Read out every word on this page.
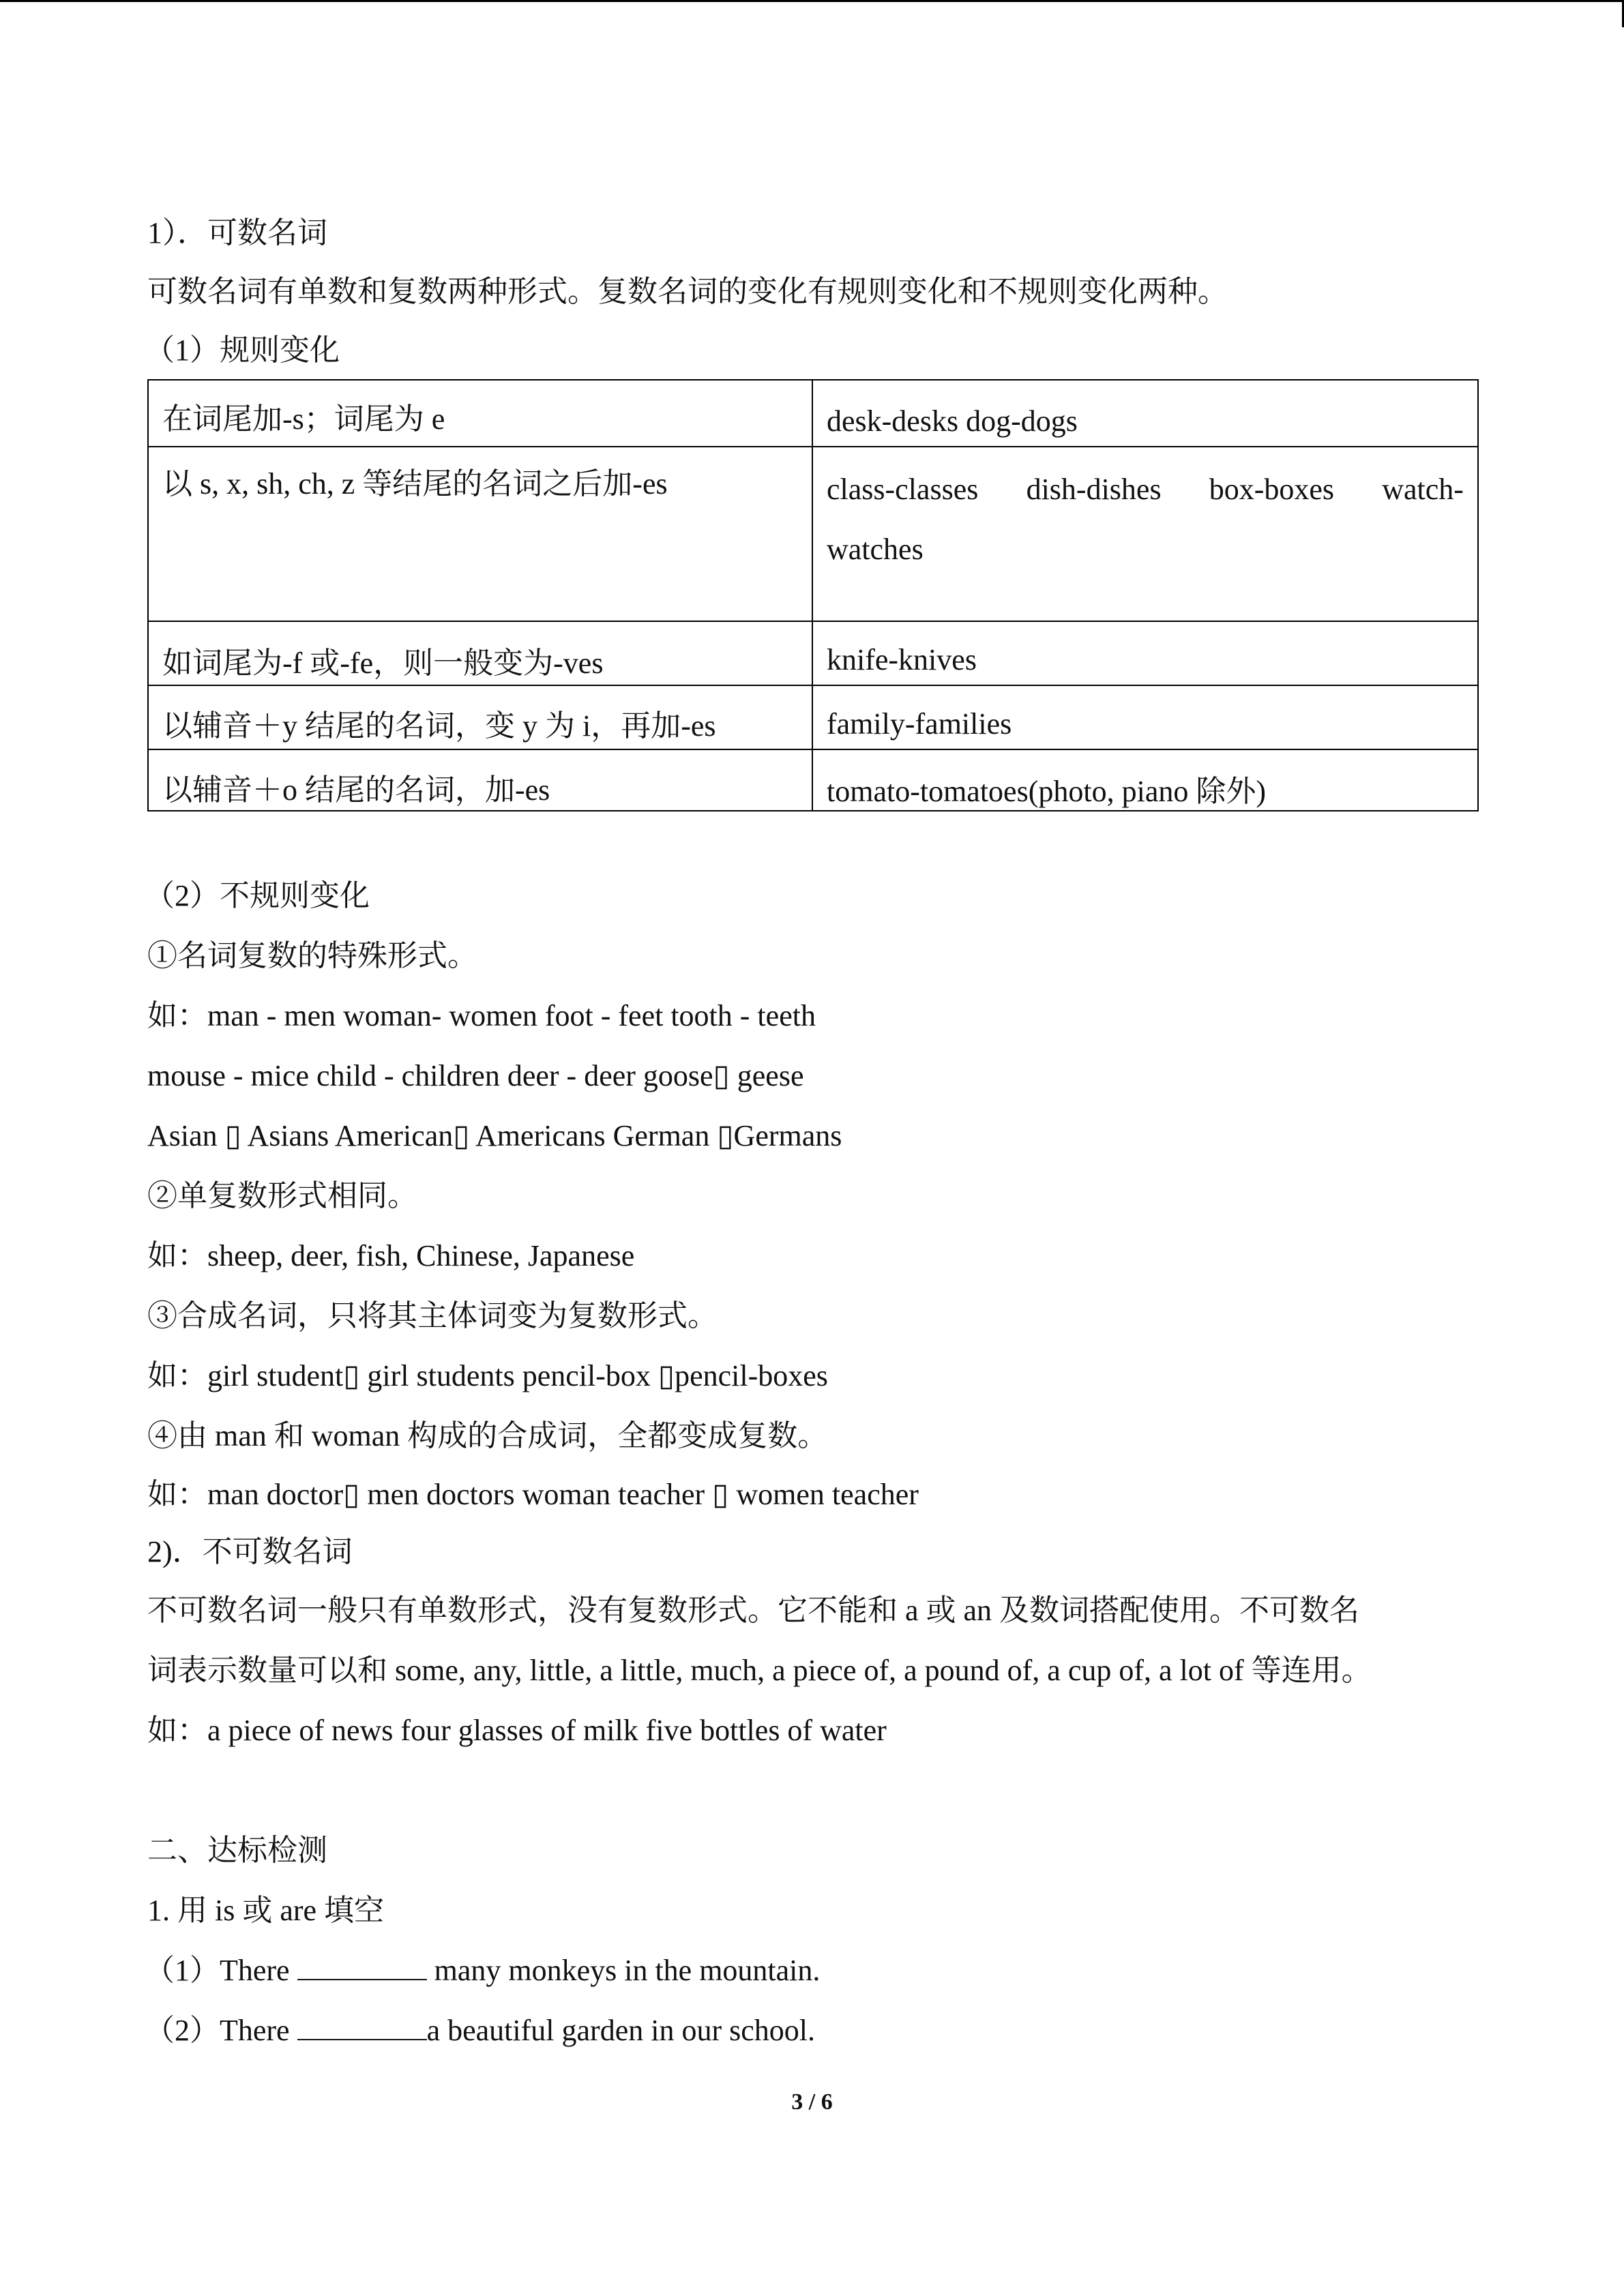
1）．可数名词
可数名词有单数和复数两种形式。复数名词的变化有规则变化和不规则变化两种。
（1）规则变化
在词尾加-s；词尾为 e	desk-desks dog-dogs
以 s, x, sh, ch, z 等结尾的名词之后加-es	class-classes dish-dishes box-boxes watch-
watches

如词尾为-f 或-fe，则一般变为-ves	knife-knives
以辅音＋y 结尾的名词，变 y 为 i，再加-es	family-families
以辅音＋o 结尾的名词，加-es	tomato-tomatoes(photo, piano 除外)
（2）不规则变化
①名词复数的特殊形式。
如：man - men woman- women foot - feet tooth - teeth
mouse - mice child - children deer - deer goose▯ geese
Asian ▯ Asians American▯ Americans German ▯Germans
②单复数形式相同。
如：sheep, deer, fish, Chinese, Japanese
③合成名词，只将其主体词变为复数形式。
如：girl student▯ girl students pencil-box ▯pencil-boxes
④由 man 和 woman 构成的合成词，全都变成复数。
如：man doctor▯ men doctors woman teacher ▯ women teacher
2)．不可数名词
不可数名词一般只有单数形式，没有复数形式。它不能和 a 或 an 及数词搭配使用。不可数名
词表示数量可以和 some, any, little, a little, much, a piece of, a pound of, a cup of, a lot of 等连用。
如：a piece of news four glasses of milk five bottles of water
二、达标检测
1. 用 is 或 are 填空
（1）There	many monkeys in the mountain.
（2）There	a beautiful garden in our school.
3 / 6
